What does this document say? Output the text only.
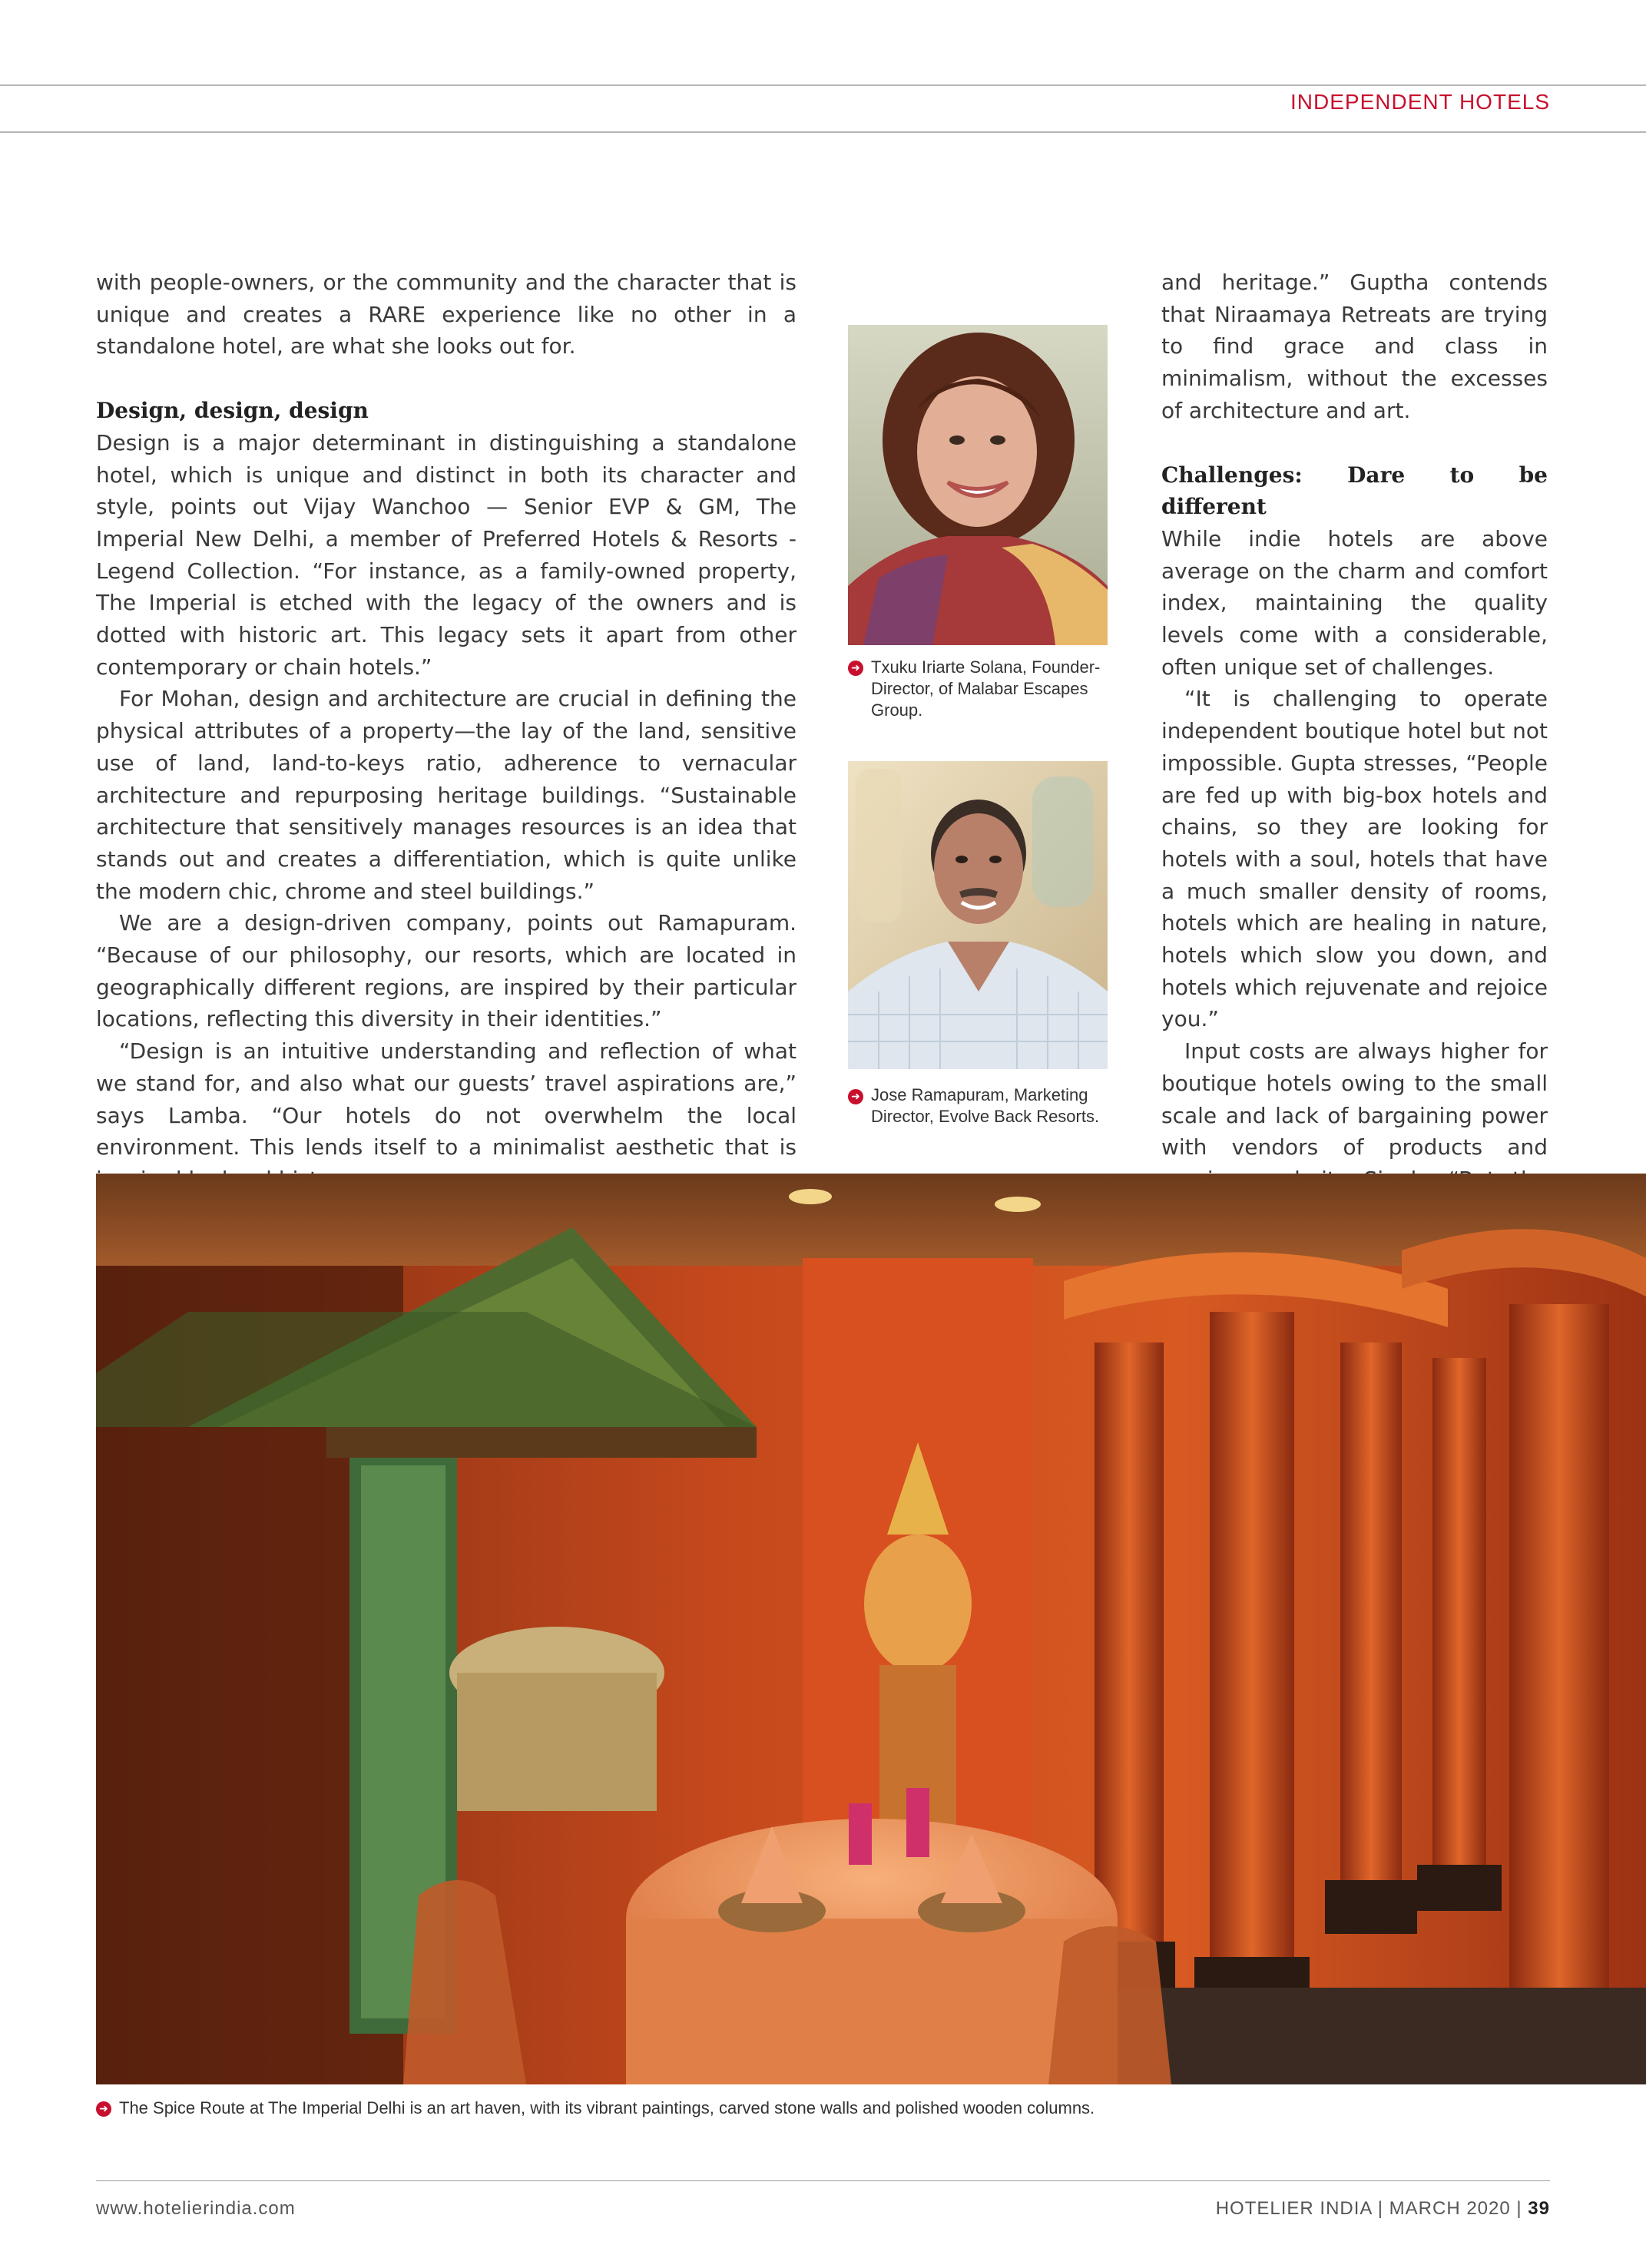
INDEPENDENT HOTELS

with people-owners, or the community and the character that is unique and creates a RARE experience like no other in a standalone hotel, are what she looks out for.

Design, design, design

Design is a major determinant in distinguishing a standalone hotel, which is unique and distinct in both its character and style, points out Vijay Wanchoo — Senior EVP & GM, The Imperial New Delhi, a member of Preferred Hotels & Resorts - Legend Collection. “For instance, as a family-owned property, The Imperial is etched with the legacy of the owners and is dotted with historic art. This legacy sets it apart from other contemporary or chain hotels.”

For Mohan, design and architecture are crucial in defining the physical attributes of a property—the lay of the land, sensitive use of land, land-to-keys ratio, adherence to vernacular architecture and repurposing heritage buildings. “Sustainable architecture that sensitively manages resources is an idea that stands out and creates a differentiation, which is quite unlike the modern chic, chrome and steel buildings.”

We are a design-driven company, points out Ramapuram. “Because of our philosophy, our resorts, which are located in geographically different regions, are inspired by their particular locations, reflecting this diversity in their identities.”

“Design is an intuitive understanding and reflection of what we stand for, and also what our guests’ travel aspirations are,” says Lamba. “Our hotels do not overwhelm the local environment. This lends itself to a minimalist aesthetic that is

➜ Txuku Iriarte Solana, Founder-Director, of Malabar Escapes Group.
➜ Jose Ramapuram, Marketing Director, Evolve Back Resorts.

and heritage.” Guptha contends that Niraamaya Retreats are trying to find grace and class in minimalism, without the excesses of architecture and art.

Challenges: Dare to be different

While indie hotels are above average on the charm and comfort index, maintaining the quality levels come with a considerable, often unique set of challenges.

“It is challenging to operate independent boutique hotel but not impossible. Gupta stresses, “People are fed up with big-box hotels and chains, so they are looking for hotels with a soul, hotels that have a much smaller density of rooms, hotels which are healing in nature, hotels which slow you down, and hotels which rejuvenate and rejoice you.”

Input costs are always higher for boutique hotels owing to the small scale and lack of bargaining power with vendors of products and

➜ The Spice Route at The Imperial Delhi is an art haven, with its vibrant paintings, carved stone walls and polished wooden columns.
www.hotelierindia.com	HOTELIER INDIA | MARCH 2020 | 39
